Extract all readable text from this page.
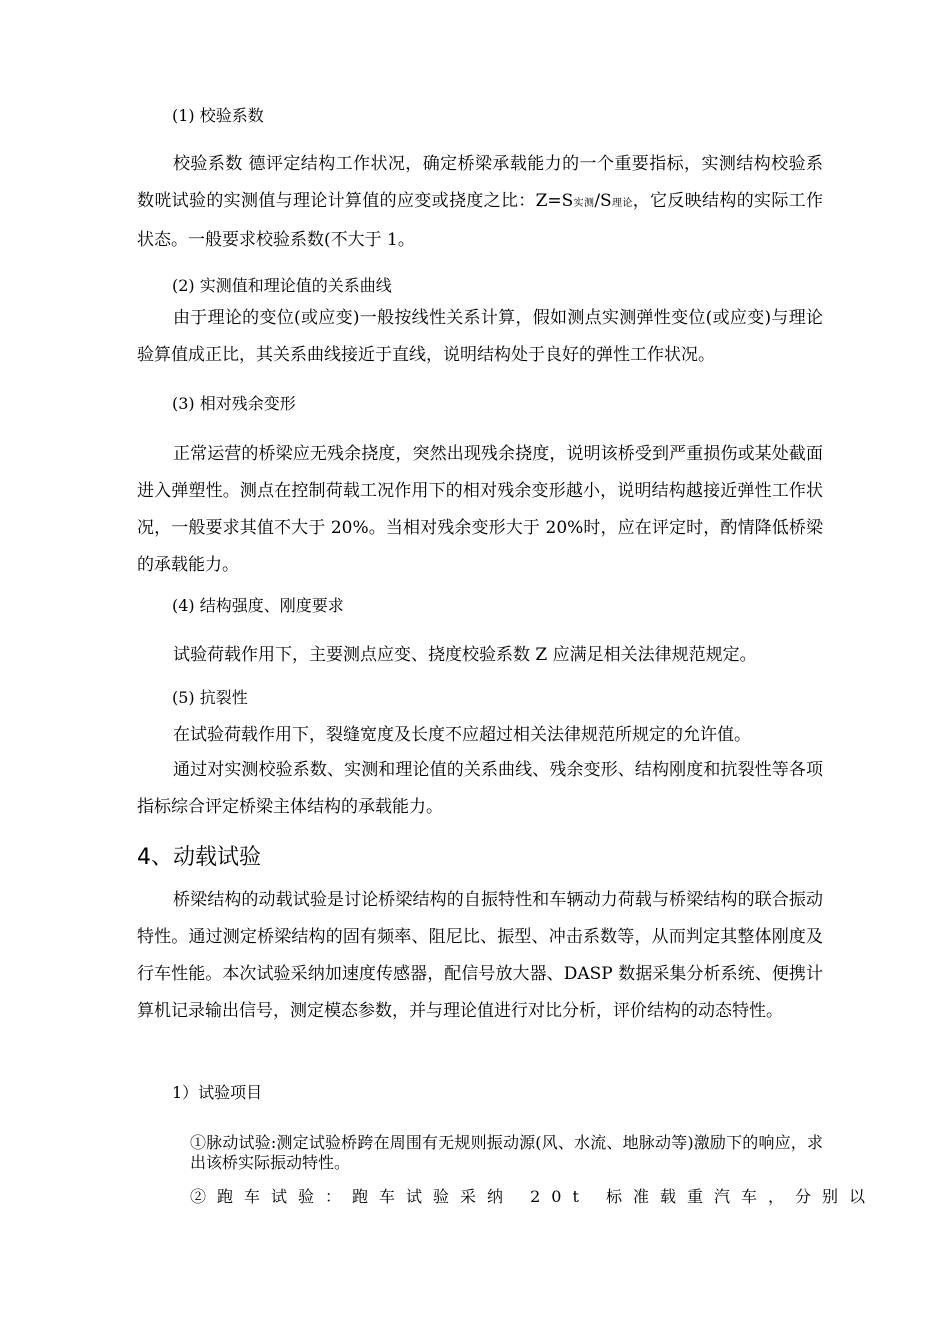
(1) 校验系数

校验系数 德评定结构工作状况，确定桥梁承载能力的一个重要指标，实测结构校验系数咣试验的实测值与理论计算值的应变或挠度之比：Z=S实测/S理论，它反映结构的实际工作状态。一般要求校验系数(不大于 1。

(2) 实测值和理论值的关系曲线

由于理论的变位(或应变)一般按线性关系计算，假如测点实测弹性变位(或应变)与理论验算值成正比，其关系曲线接近于直线，说明结构处于良好的弹性工作状况。

(3) 相对残余变形

正常运营的桥梁应无残余挠度，突然出现残余挠度，说明该桥受到严重损伤或某处截面进入弹塑性。测点在控制荷载工况作用下的相对残余变形越小，说明结构越接近弹性工作状况，一般要求其值不大于 20%。当相对残余变形大于 20%时，应在评定时，酌情降低桥梁的承载能力。

(4) 结构强度、刚度要求

试验荷载作用下，主要测点应变、挠度校验系数 Z 应满足相关法律规范规定。

(5) 抗裂性

在试验荷载作用下，裂缝宽度及长度不应超过相关法律规范所规定的允许值。

通过对实测校验系数、实测和理论值的关系曲线、残余变形、结构刚度和抗裂性等各项指标综合评定桥梁主体结构的承载能力。

4、动载试验

桥梁结构的动载试验是讨论桥梁结构的自振特性和车辆动力荷载与桥梁结构的联合振动特性。通过测定桥梁结构的固有频率、阻尼比、振型、冲击系数等，从而判定其整体刚度及行车性能。本次试验采纳加速度传感器，配信号放大器、DASP 数据采集分析系统、便携计算机记录输出信号，测定模态参数，并与理论值进行对比分析，评价结构的动态特性。

1）试验项目

①脉动试验:测定试验桥跨在周围有无规则振动源(风、水流、地脉动等)激励下的响应，求出该桥实际振动特性。

②跑车试验：跑车试验采纳 20t 标准载重汽车，分别以
